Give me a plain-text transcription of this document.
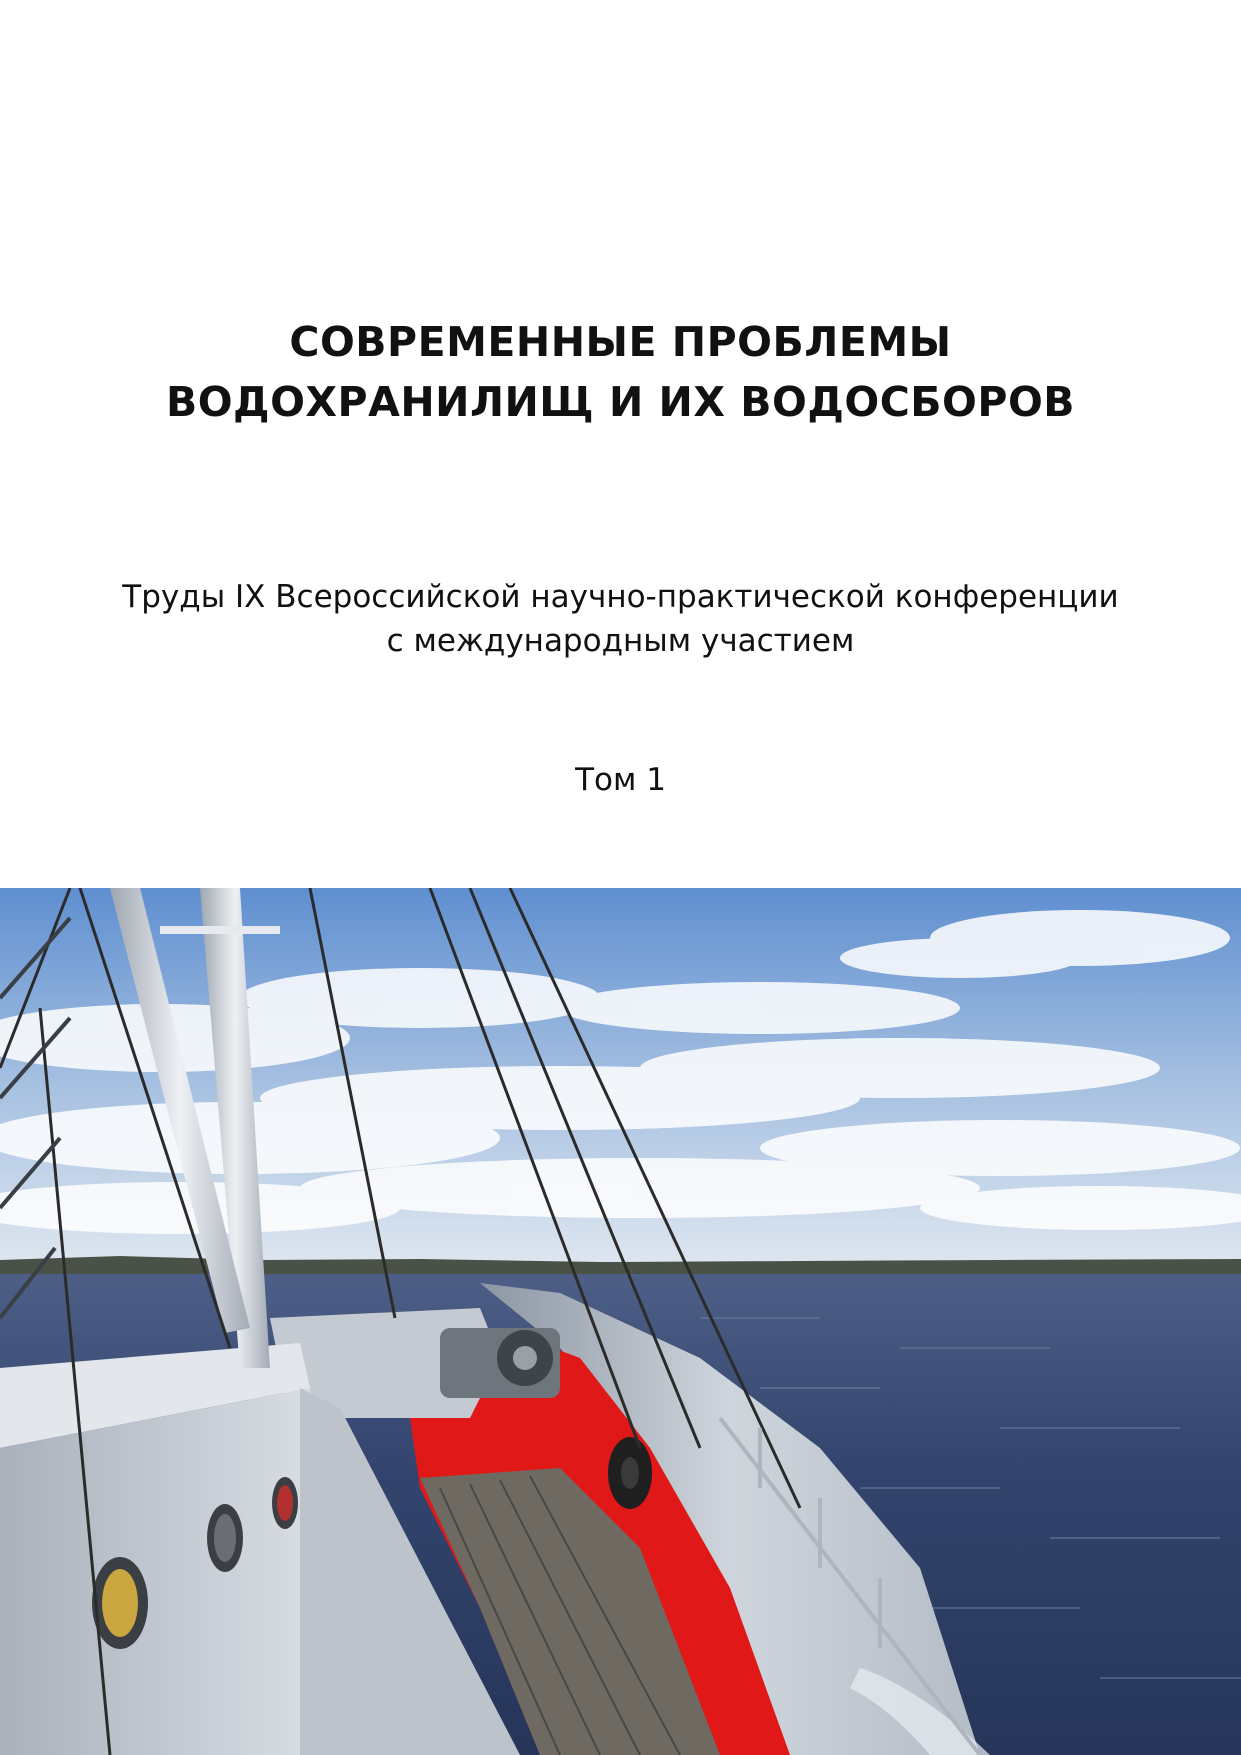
СОВРЕМЕННЫЕ ПРОБЛЕМЫ
ВОДОХРАНИЛИЩ И ИХ ВОДОСБОРОВ

Труды IX Всероссийской научно-практической конференции
с международным участием

Том 1
